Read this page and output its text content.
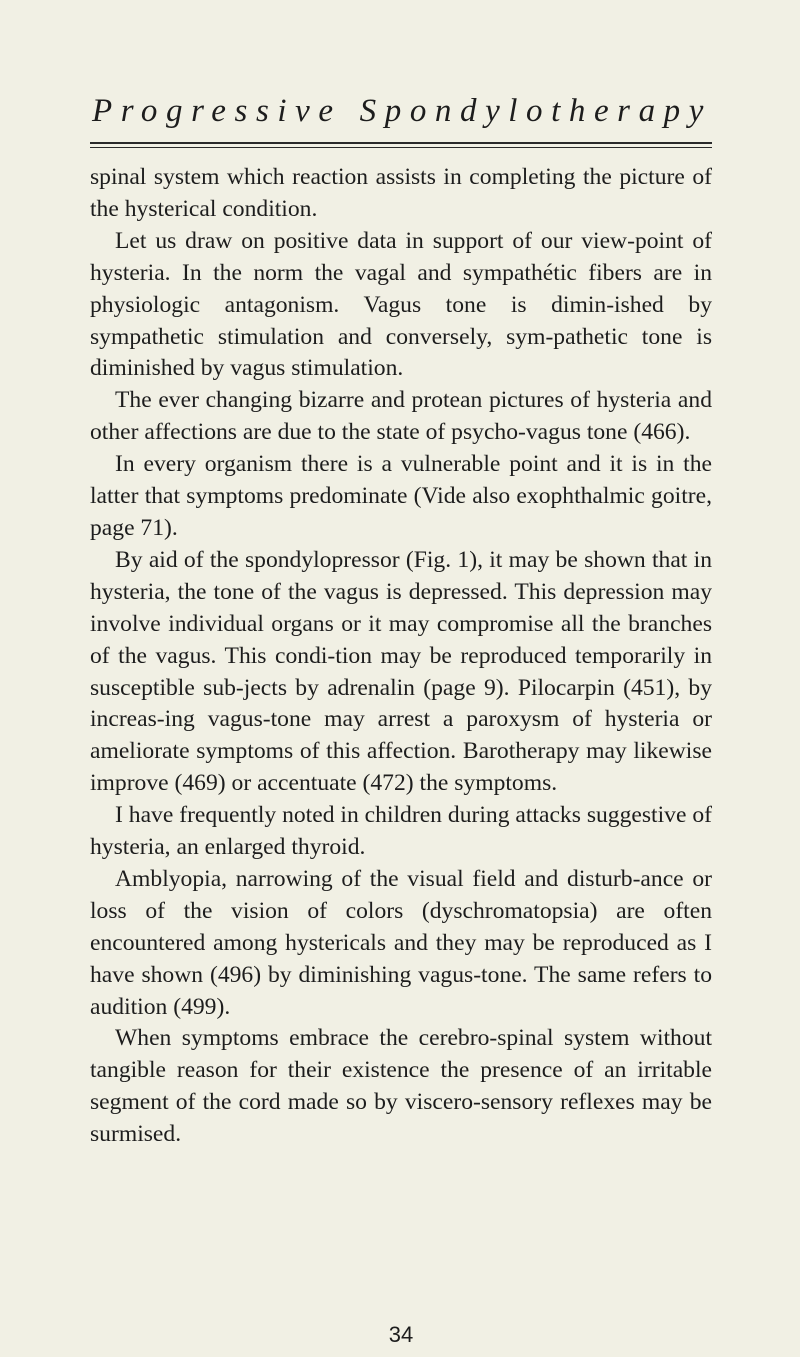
Progressive Spondylotherapy

spinal system which reaction assists in completing the picture of the hysterical condition.

Let us draw on positive data in support of our view-point of hysteria. In the norm the vagal and sympathétic fibers are in physiologic antagonism. Vagus tone is dimin-ished by sympathetic stimulation and conversely, sym-pathetic tone is diminished by vagus stimulation.

The ever changing bizarre and protean pictures of hysteria and other affections are due to the state of psycho-vagus tone (466).

In every organism there is a vulnerable point and it is in the latter that symptoms predominate (Vide also exophthalmic goitre, page 71).

By aid of the spondylopressor (Fig. 1), it may be shown that in hysteria, the tone of the vagus is depressed. This depression may involve individual organs or it may compromise all the branches of the vagus. This condi-tion may be reproduced temporarily in susceptible sub-jects by adrenalin (page 9). Pilocarpin (451), by increas-ing vagus-tone may arrest a paroxysm of hysteria or ameliorate symptoms of this affection. Barotherapy may likewise improve (469) or accentuate (472) the symptoms.

I have frequently noted in children during attacks suggestive of hysteria, an enlarged thyroid.

Amblyopia, narrowing of the visual field and disturb-ance or loss of the vision of colors (dyschromatopsia) are often encountered among hystericals and they may be reproduced as I have shown (496) by diminishing vagus-tone. The same refers to audition (499).

When symptoms embrace the cerebro-spinal system without tangible reason for their existence the presence of an irritable segment of the cord made so by viscero-sensory reflexes may be surmised.

34
